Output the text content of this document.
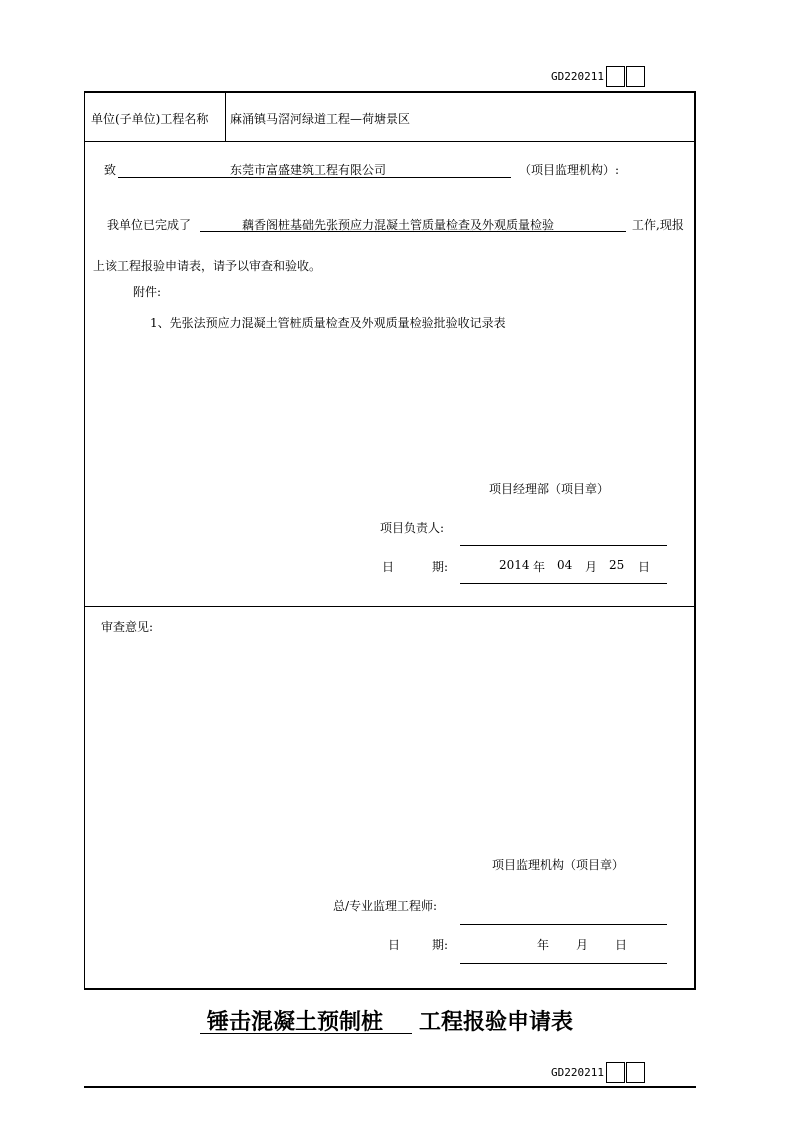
GD220211
单位(子单位)工程名称 麻涌镇马滘河绿道工程—荷塘景区
致	东莞市富盛建筑工程有限公司	（项目监理机构）:
我单位已完成了	藕香阁桩基础先张预应力混凝土管质量检查及外观质量检验	工作,现报
上该工程报验申请表，请予以审查和验收。
附件:
1、先张法预应力混凝土管桩质量检查及外观质量检验批验收记录表
项目经理部（项目章）
项目负责人:
日	期:	2014 年 04 月 25 日
审查意见:
项目监理机构（项目章）
总/专业监理工程师:
日	期:	年 月 日
锤击混凝土预制桩 工程报验申请表
GD220211
